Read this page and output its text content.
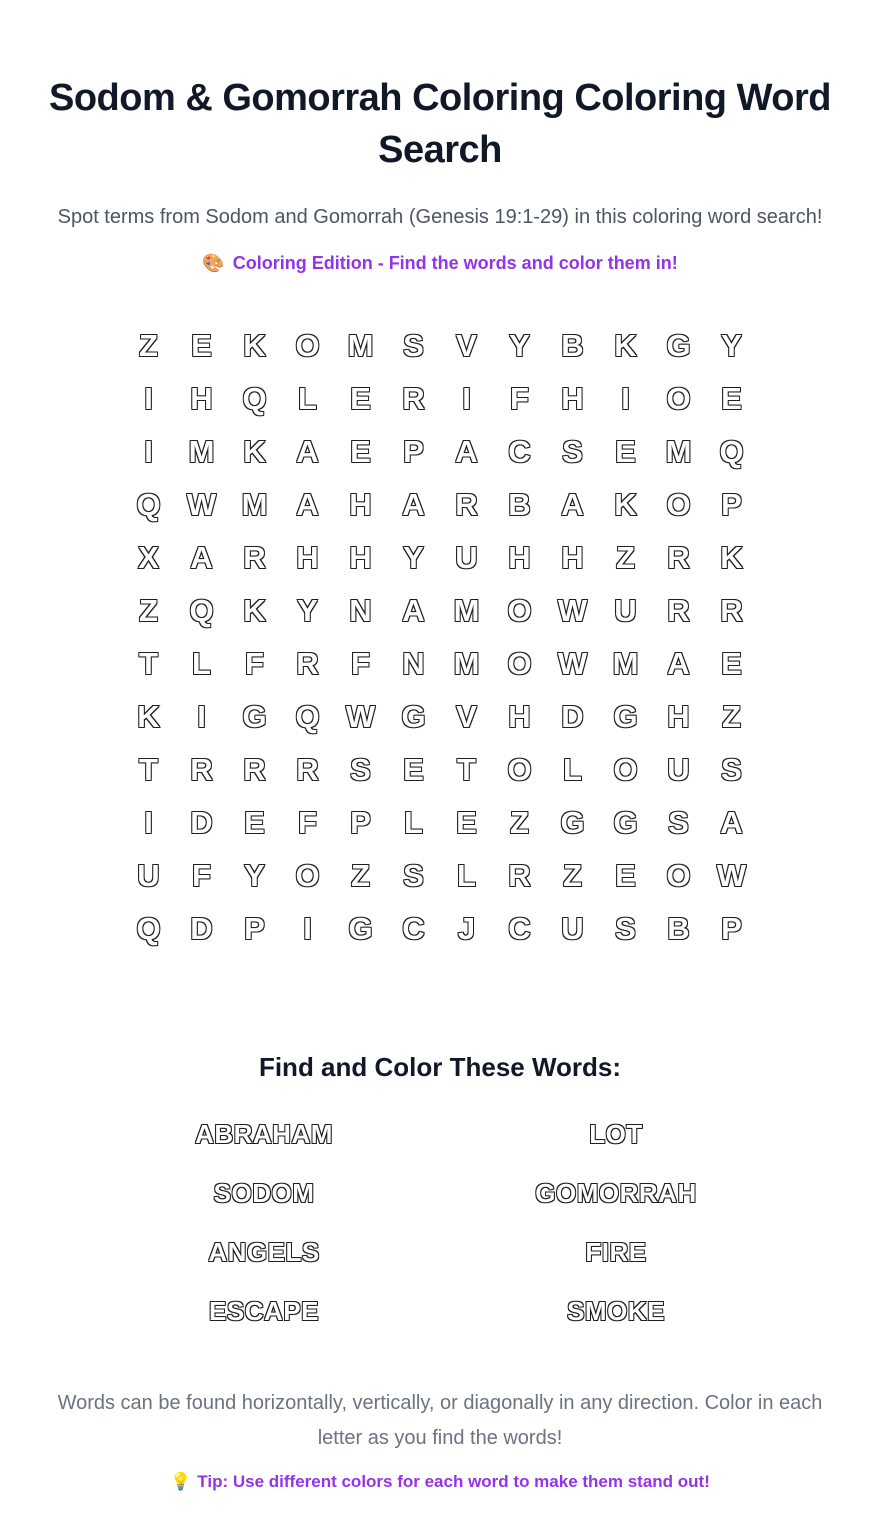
Sodom & Gomorrah Coloring Coloring Word Search

Spot terms from Sodom and Gomorrah (Genesis 19:1-29) in this coloring word search!

🎨 Coloring Edition - Find the words and color them in!

Z	E	K O M S	V	Y	B K G Y
I	H Q	L	E	R	I	F	H	I	O E
I	M K A	E	P	A C	S	E M Q
Q W M A H A R B A K O P
X	A R H H	Y	U H H	Z	R K
Z	Q K	Y	N A M O W U R R
T	L	F	R	F	N M O W M A	E
K	I	G Q W G V	H D G H	Z
T	R R R	S	E	T	O	L	O U	S
I	D	E	F	P	L	E	Z	G G S	A
U	F	Y O	Z	S	L	R	Z	E O W
Q D	P	I	G C	J	C U	S	B	P
Find and Color These Words:
ABRAHAM	LOT
SODOM	GOMORRAH
ANGELS	FIRE
ESCAPE	SMOKE

Words can be found horizontally, vertically, or diagonally in any direction. Color in each letter as you find the words!

💡 Tip: Use different colors for each word to make them stand out!
